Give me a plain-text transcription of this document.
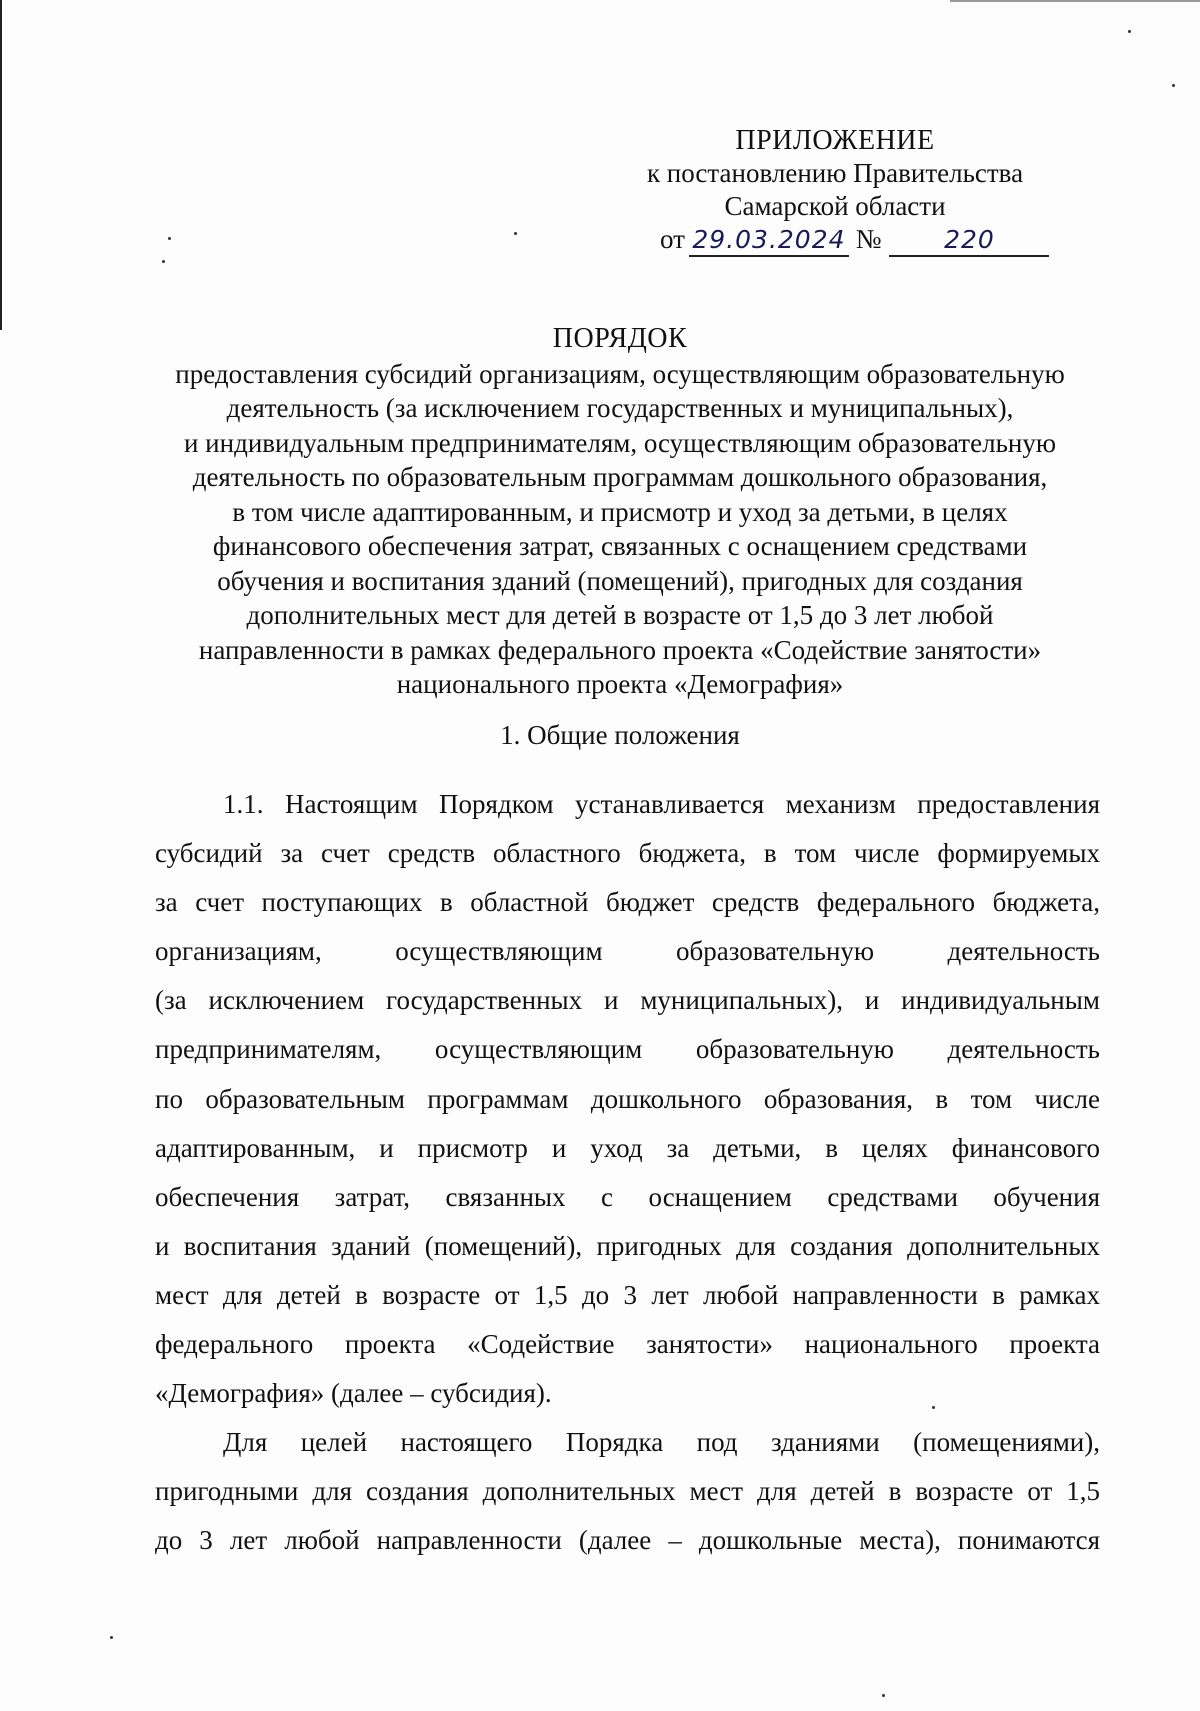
ПРИЛОЖЕНИЕ
к постановлению Правительства
Самарской области
от 29.03.2024 №	220
ПОРЯДОК
предоставления субсидий организациям, осуществляющим образовательную
деятельность (за исключением государственных и муниципальных),
и индивидуальным предпринимателям, осуществляющим образовательную
деятельность по образовательным программам дошкольного образования,
в том числе адаптированным, и присмотр и уход за детьми, в целях
финансового обеспечения затрат, связанных с оснащением средствами
обучения и воспитания зданий (помещений), пригодных для создания
дополнительных мест для детей в возрасте от 1,5 до 3 лет любой
направленности в рамках федерального проекта «Содействие занятости»
национального проекта «Демография»
1. Общие положения
1.1. Настоящим Порядком устанавливается механизм предоставления
субсидий за счет средств областного бюджета, в том числе формируемых
за счет поступающих в областной бюджет средств федерального бюджета,
организациям, осуществляющим образовательную деятельность
(за исключением государственных и муниципальных), и индивидуальным
предпринимателям, осуществляющим образовательную деятельность
по образовательным программам дошкольного образования, в том числе
адаптированным, и присмотр и уход за детьми, в целях финансового
обеспечения затрат, связанных с оснащением средствами обучения
и воспитания зданий (помещений), пригодных для создания дополнительных
мест для детей в возрасте от 1,5 до 3 лет любой направленности в рамках
федерального проекта «Содействие занятости» национального проекта
«Демография» (далее – субсидия).
Для целей настоящего Порядка под зданиями (помещениями),
пригодными для создания дополнительных мест для детей в возрасте от 1,5
до 3 лет любой направленности (далее – дошкольные места), понимаются
